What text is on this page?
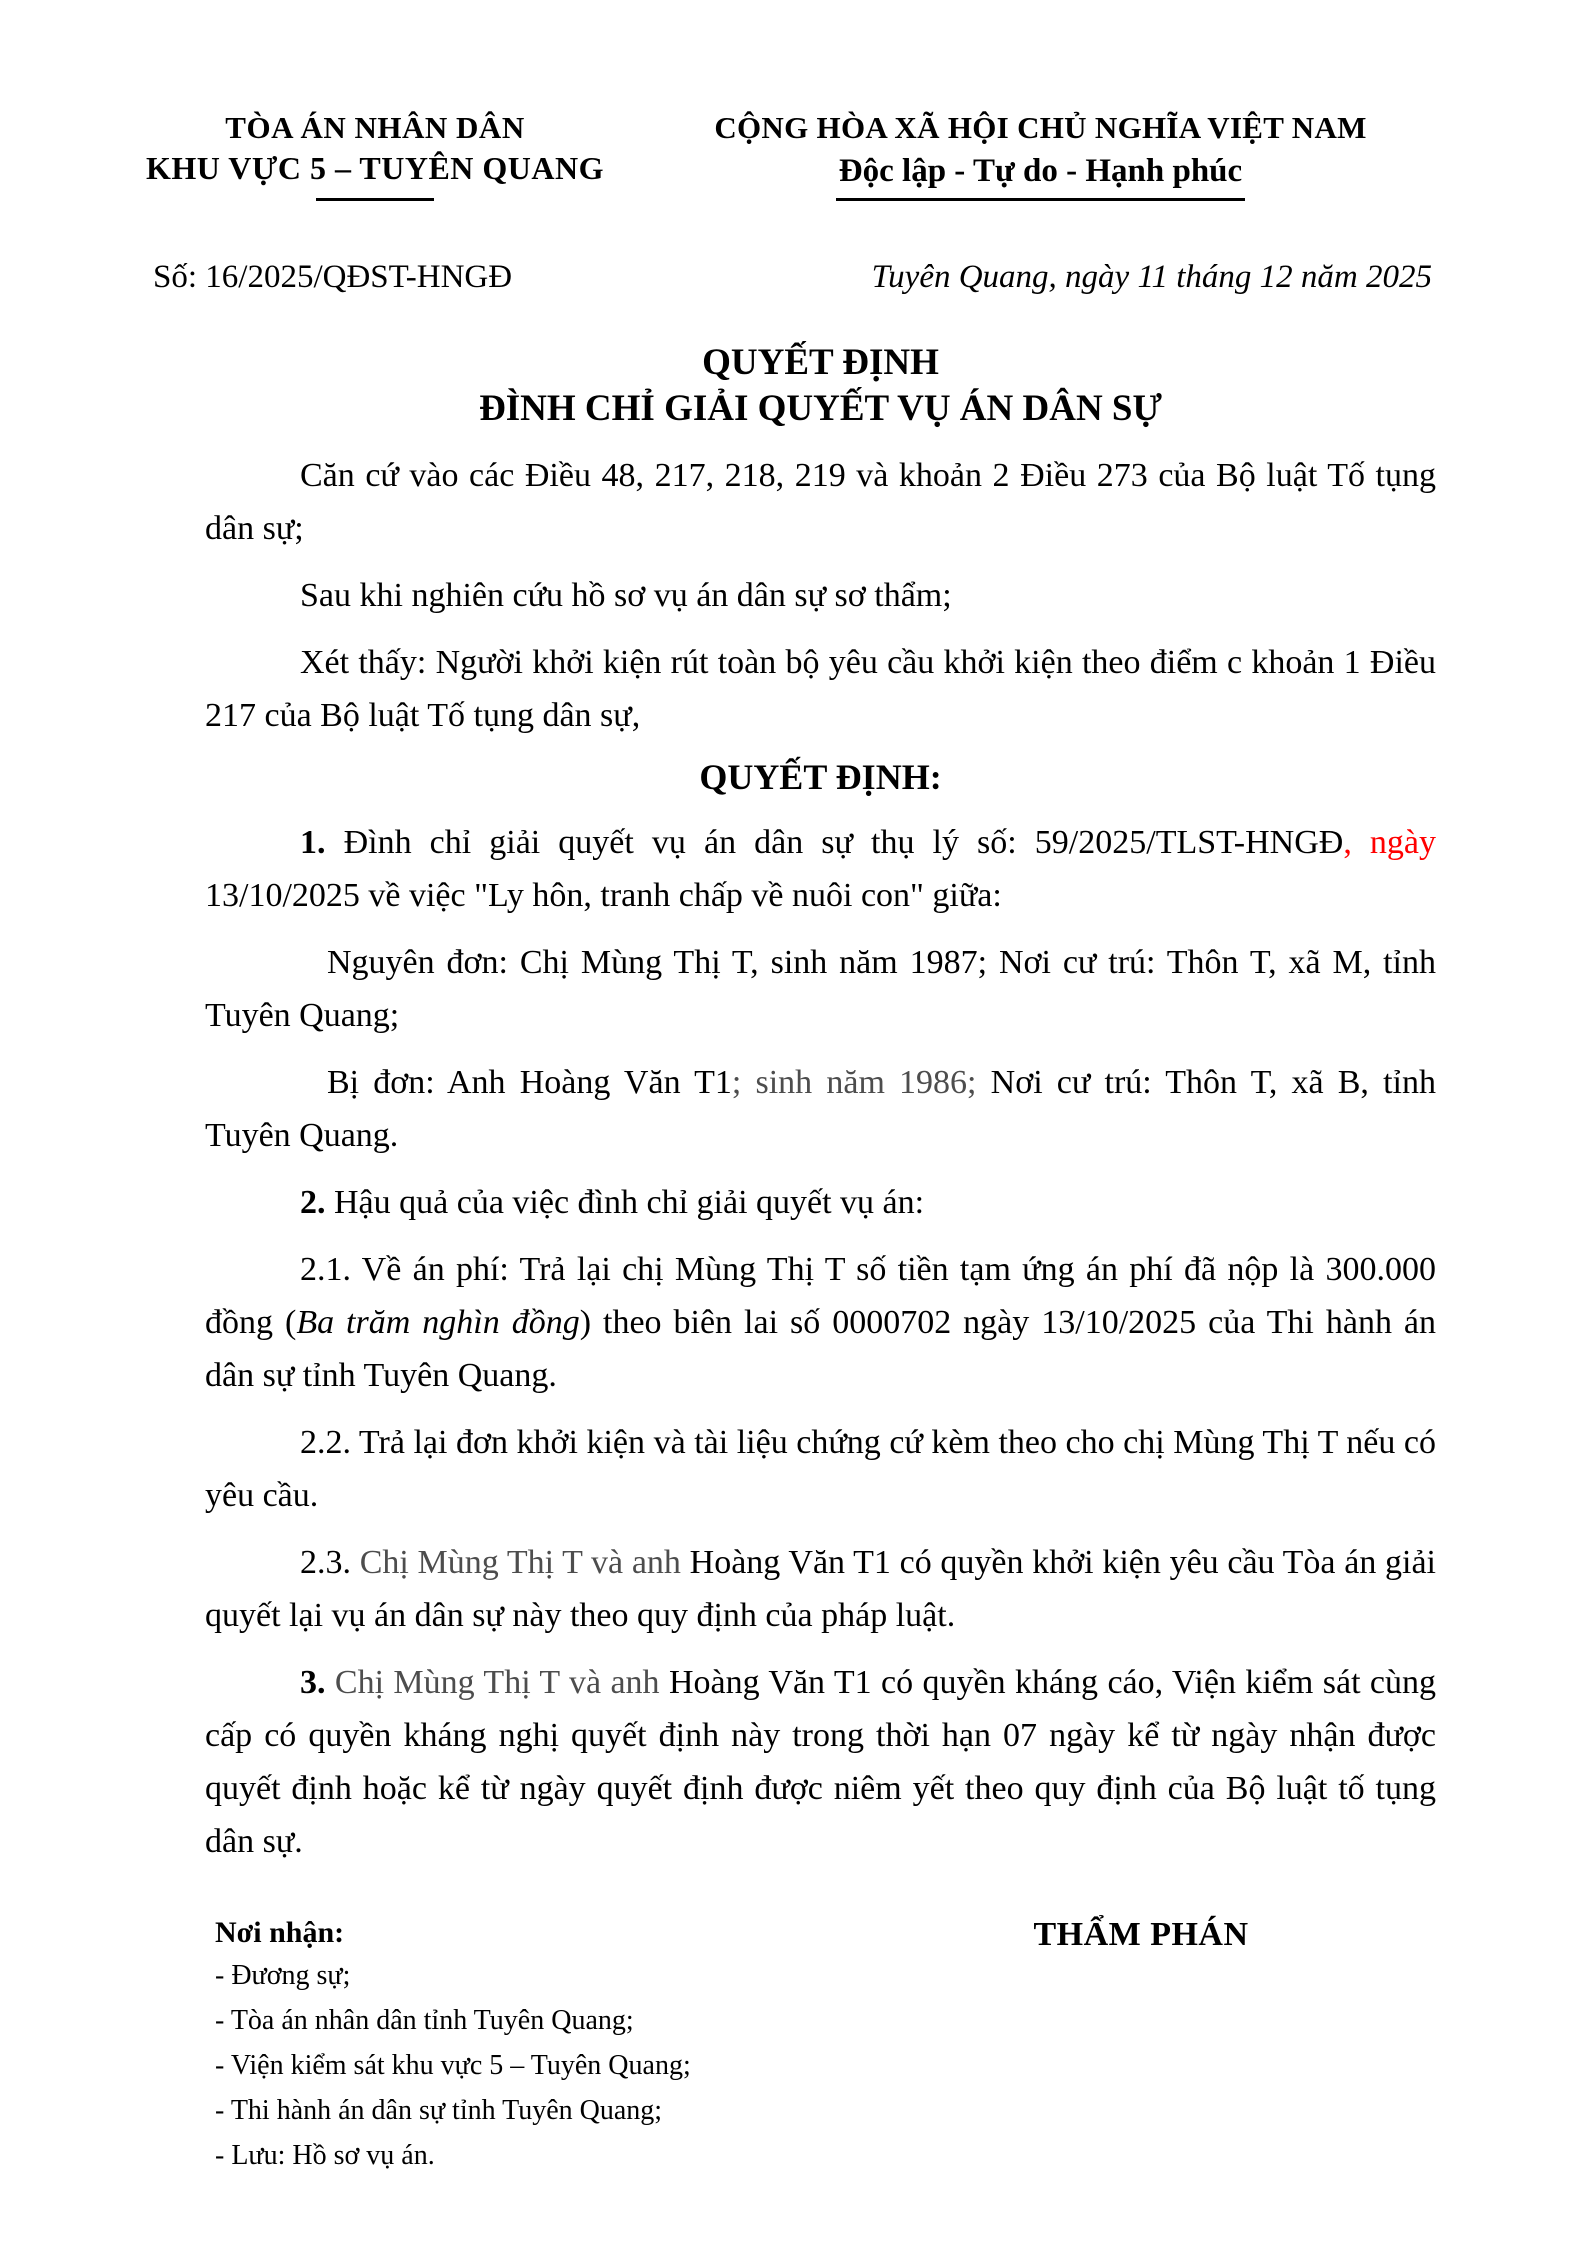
TÒA ÁN NHÂN DÂN
KHU VỰC 5 – TUYÊN QUANG
CỘNG HÒA XÃ HỘI CHỦ NGHĨA VIỆT NAM
Độc lập - Tự do - Hạnh phúc
Số: 16/2025/QĐST-HNGĐ	Tuyên Quang, ngày 11 tháng 12 năm 2025
QUYẾT ĐỊNH
ĐÌNH CHỈ GIẢI QUYẾT VỤ ÁN DÂN SỰ

Căn cứ vào các Điều 48, 217, 218, 219 và khoản 2 Điều 273 của Bộ luật Tố tụng dân sự;

Sau khi nghiên cứu hồ sơ vụ án dân sự sơ thẩm;

Xét thấy: Người khởi kiện rút toàn bộ yêu cầu khởi kiện theo điểm c khoản 1 Điều 217 của Bộ luật Tố tụng dân sự,

QUYẾT ĐỊNH:

1. Đình chỉ giải quyết vụ án dân sự thụ lý số: 59/2025/TLST-HNGĐ, ngày 13/10/2025 về việc "Ly hôn, tranh chấp về nuôi con" giữa:

Nguyên đơn: Chị Mùng Thị T, sinh năm 1987; Nơi cư trú: Thôn T, xã M, tỉnh Tuyên Quang;

Bị đơn: Anh Hoàng Văn T1; sinh năm 1986; Nơi cư trú: Thôn T, xã B, tỉnh Tuyên Quang.

2. Hậu quả của việc đình chỉ giải quyết vụ án:

2.1. Về án phí: Trả lại chị Mùng Thị T số tiền tạm ứng án phí đã nộp là 300.000 đồng (Ba trăm nghìn đồng) theo biên lai số 0000702 ngày 13/10/2025 của Thi hành án dân sự tỉnh Tuyên Quang.

2.2. Trả lại đơn khởi kiện và tài liệu chứng cứ kèm theo cho chị Mùng Thị T nếu có yêu cầu.

2.3. Chị Mùng Thị T và anh Hoàng Văn T1 có quyền khởi kiện yêu cầu Tòa án giải quyết lại vụ án dân sự này theo quy định của pháp luật.

3. Chị Mùng Thị T và anh Hoàng Văn T1 có quyền kháng cáo, Viện kiểm sát cùng cấp có quyền kháng nghị quyết định này trong thời hạn 07 ngày kể từ ngày nhận được quyết định hoặc kể từ ngày quyết định được niêm yết theo quy định của Bộ luật tố tụng dân sự.

Nơi nhận:
- Đương sự;
- Tòa án nhân dân tỉnh Tuyên Quang;
- Viện kiểm sát khu vực 5 – Tuyên Quang;
- Thi hành án dân sự tỉnh Tuyên Quang;
- Lưu: Hồ sơ vụ án.
THẨM PHÁN
